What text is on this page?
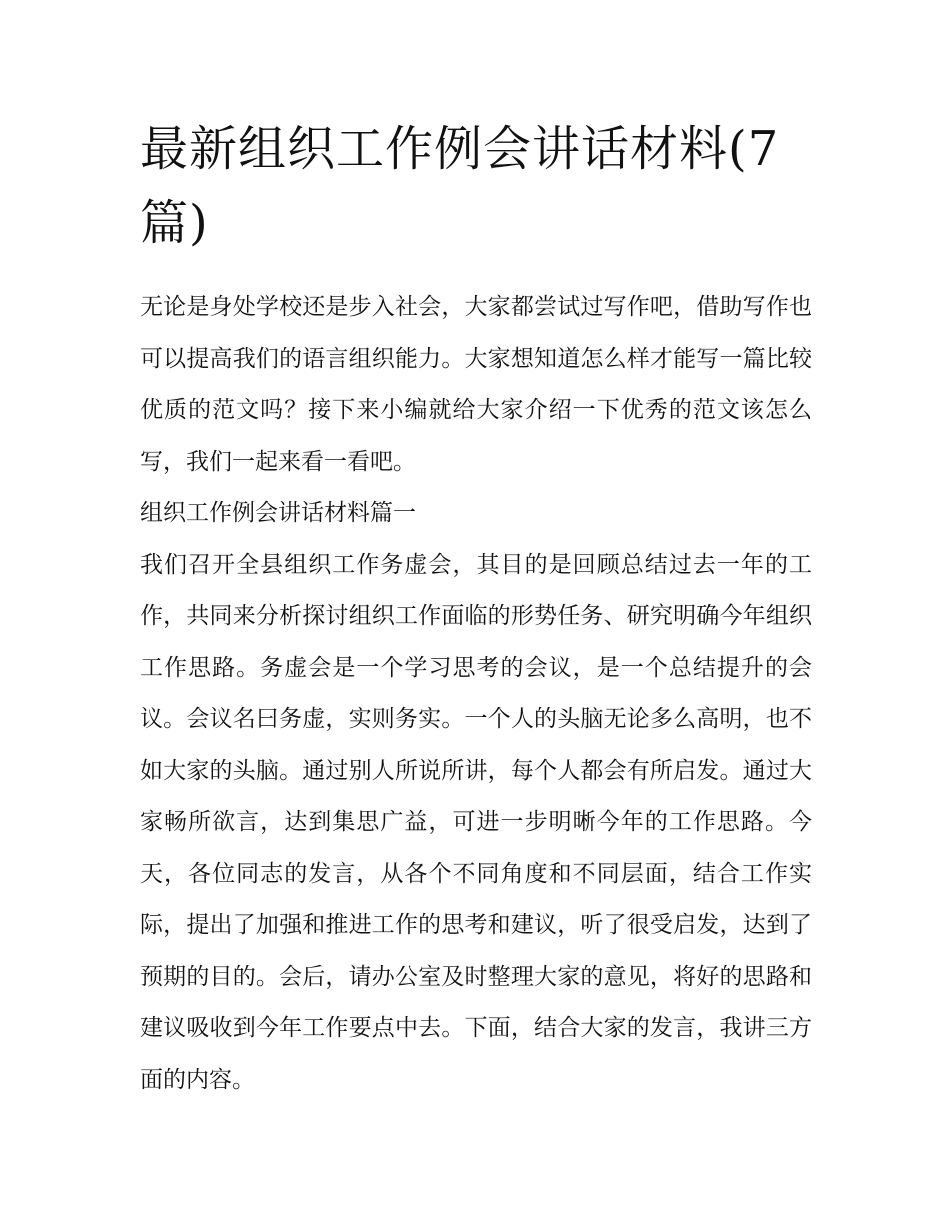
最新组织工作例会讲话材料(7篇)

无论是身处学校还是步入社会，大家都尝试过写作吧，借助写作也可以提高我们的语言组织能力。大家想知道怎么样才能写一篇比较优质的范文吗？接下来小编就给大家介绍一下优秀的范文该怎么写，我们一起来看一看吧。

组织工作例会讲话材料篇一

我们召开全县组织工作务虚会，其目的是回顾总结过去一年的工作，共同来分析探讨组织工作面临的形势任务、研究明确今年组织工作思路。务虚会是一个学习思考的会议，是一个总结提升的会议。会议名曰务虚，实则务实。一个人的头脑无论多么高明，也不如大家的头脑。通过别人所说所讲，每个人都会有所启发。通过大家畅所欲言，达到集思广益，可进一步明晰今年的工作思路。今天，各位同志的发言，从各个不同角度和不同层面，结合工作实际，提出了加强和推进工作的思考和建议，听了很受启发，达到了预期的目的。会后，请办公室及时整理大家的意见，将好的思路和建议吸收到今年工作要点中去。下面，结合大家的发言，我讲三方面的内容。
